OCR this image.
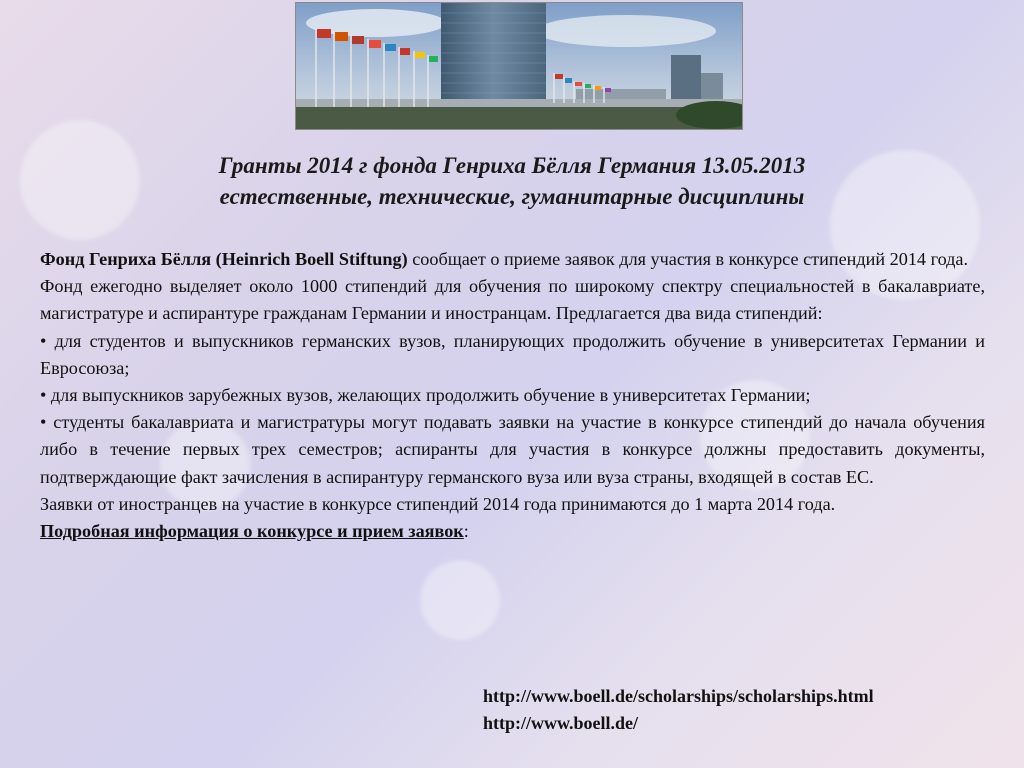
Гранты 2014 г фонда Генриха Бёлля Германия 13.05.2013
естественные, технические, гуманитарные дисциплины

Фонд Генриха Бёлля (Heinrich Boell Stiftung) сообщает о приеме заявок для участия в конкурсе стипендий 2014 года.

Фонд ежегодно выделяет около 1000 стипендий для обучения по широкому спектру специальностей в бакалавриате, магистратуре и аспирантуре гражданам Германии и иностранцам. Предлагается два вида стипендий:

• для студентов и выпускников германских вузов, планирующих продолжить обучение в университетах Германии и Евросоюза;

• для выпускников зарубежных вузов, желающих продолжить обучение в университетах Германии;

• студенты бакалавриата и магистратуры могут подавать заявки на участие в конкурсе стипендий до начала обучения либо в течение первых трех семестров; аспиранты для участия в конкурсе должны предоставить документы, подтверждающие факт зачисления в аспирантуру германского вуза или вуза страны, входящей в состав ЕС.

Заявки от иностранцев на участие в конкурсе стипендий 2014 года принимаются до 1 марта 2014 года.

Подробная информация о конкурсе и прием заявок:

http://www.boell.de/scholarships/scholarships.html
http://www.boell.de/
